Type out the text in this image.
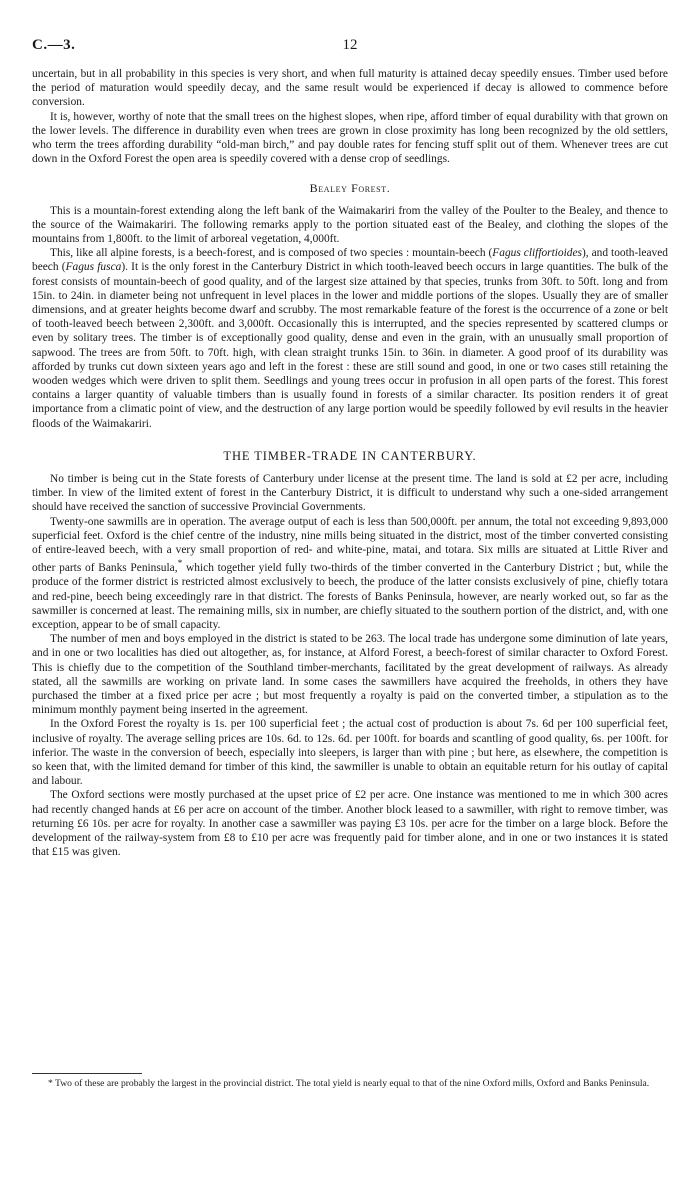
C.—3.	12

uncertain, but in all probability in this species is very short, and when full maturity is attained decay speedily ensues. Timber used before the period of maturation would speedily decay, and the same result would be experienced if decay is allowed to commence before conversion.

It is, however, worthy of note that the small trees on the highest slopes, when ripe, afford timber of equal durability with that grown on the lower levels. The difference in durability even when trees are grown in close proximity has long been recognized by the old settlers, who term the trees affording durability “old-man birch,” and pay double rates for fencing stuff split out of them. Whenever trees are cut down in the Oxford Forest the open area is speedily covered with a dense crop of seedlings.

Bealey Forest.

This is a mountain-forest extending along the left bank of the Waimakariri from the valley of the Poulter to the Bealey, and thence to the source of the Waimakariri. The following remarks apply to the portion situated east of the Bealey, and clothing the slopes of the mountains from 1,800ft. to the limit of arboreal vegetation, 4,000ft.

This, like all alpine forests, is a beech-forest, and is composed of two species : mountain-beech (Fagus cliffortioides), and tooth-leaved beech (Fagus fusca). It is the only forest in the Canterbury District in which tooth-leaved beech occurs in large quantities. The bulk of the forest consists of mountain-beech of good quality, and of the largest size attained by that species, trunks from 30ft. to 50ft. long and from 15in. to 24in. in diameter being not unfrequent in level places in the lower and middle portions of the slopes. Usually they are of smaller dimensions, and at greater heights become dwarf and scrubby. The most remarkable feature of the forest is the occurrence of a zone or belt of tooth-leaved beech between 2,300ft. and 3,000ft. Occasionally this is interrupted, and the species represented by scattered clumps or even by solitary trees. The timber is of exceptionally good quality, dense and even in the grain, with an unusually small proportion of sapwood. The trees are from 50ft. to 70ft. high, with clean straight trunks 15in. to 36in. in diameter. A good proof of its durability was afforded by trunks cut down sixteen years ago and left in the forest : these are still sound and good, in one or two cases still retaining the wooden wedges which were driven to split them. Seedlings and young trees occur in profusion in all open parts of the forest. This forest contains a larger quantity of valuable timbers than is usually found in forests of a similar character. Its position renders it of great importance from a climatic point of view, and the destruction of any large portion would be speedily followed by evil results in the heavier floods of the Waimakariri.

THE TIMBER-TRADE IN CANTERBURY.

No timber is being cut in the State forests of Canterbury under license at the present time. The land is sold at £2 per acre, including timber. In view of the limited extent of forest in the Canterbury District, it is difficult to understand why such a one-sided arrangement should have received the sanction of successive Provincial Governments.

Twenty-one sawmills are in operation. The average output of each is less than 500,000ft. per annum, the total not exceeding 9,893,000 superficial feet. Oxford is the chief centre of the industry, nine mills being situated in the district, most of the timber converted consisting of entire-leaved beech, with a very small proportion of red- and white-pine, matai, and totara. Six mills are situated at Little River and other parts of Banks Peninsula,* which together yield fully two-thirds of the timber converted in the Canterbury District ; but, while the produce of the former district is restricted almost exclusively to beech, the produce of the latter consists exclusively of pine, chiefly totara and red-pine, beech being exceedingly rare in that district. The forests of Banks Peninsula, however, are nearly worked out, so far as the sawmiller is concerned at least. The remaining mills, six in number, are chiefly situated to the southern portion of the district, and, with one exception, appear to be of small capacity.

The number of men and boys employed in the district is stated to be 263. The local trade has undergone some diminution of late years, and in one or two localities has died out altogether, as, for instance, at Alford Forest, a beech-forest of similar character to Oxford Forest. This is chiefly due to the competition of the Southland timber-merchants, facilitated by the great development of railways. As already stated, all the sawmills are working on private land. In some cases the sawmillers have acquired the freeholds, in others they have purchased the timber at a fixed price per acre ; but most frequently a royalty is paid on the converted timber, a stipulation as to the minimum monthly payment being inserted in the agreement.

In the Oxford Forest the royalty is 1s. per 100 superficial feet ; the actual cost of production is about 7s. 6d per 100 superficial feet, inclusive of royalty. The average selling prices are 10s. 6d. to 12s. 6d. per 100ft. for boards and scantling of good quality, 6s. per 100ft. for inferior. The waste in the conversion of beech, especially into sleepers, is larger than with pine ; but here, as elsewhere, the competition is so keen that, with the limited demand for timber of this kind, the sawmiller is unable to obtain an equitable return for his outlay of capital and labour.

The Oxford sections were mostly purchased at the upset price of £2 per acre. One instance was mentioned to me in which 300 acres had recently changed hands at £6 per acre on account of the timber. Another block leased to a sawmiller, with right to remove timber, was returning £6 10s. per acre for royalty. In another case a sawmiller was paying £3 10s. per acre for the timber on a large block. Before the development of the railway-system from £8 to £10 per acre was frequently paid for timber alone, and in one or two instances it is stated that £15 was given.

* Two of these are probably the largest in the provincial district. The total yield is nearly equal to that of the nine Oxford mills, Oxford and Banks Peninsula.
